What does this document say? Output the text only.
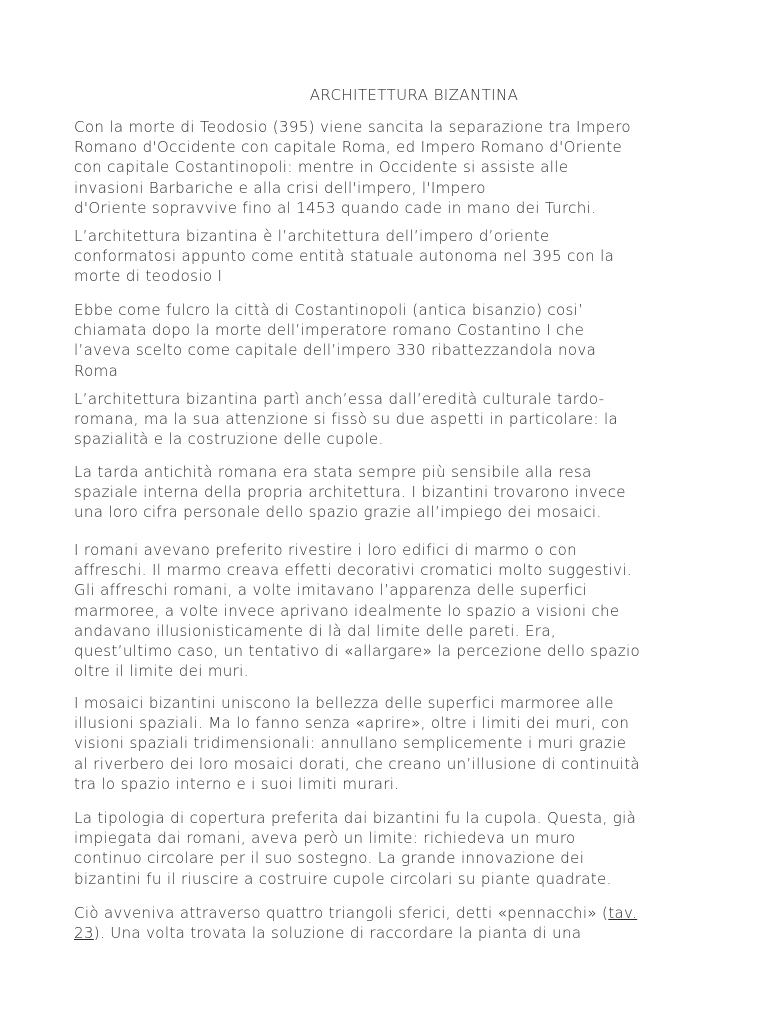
ARCHITETTURA BIZANTINA

Con la morte di Teodosio (395) viene sancita la separazione tra Impero
Romano d'Occidente con capitale Roma, ed Impero Romano d'Oriente
con capitale Costantinopoli: mentre in Occidente si assiste alle
invasioni Barbariche e alla crisi dell'impero, l'Impero
d'Oriente sopravvive fino al 1453 quando cade in mano dei Turchi.

L’architettura bizantina è l’architettura dell’impero d’oriente
conformatosi appunto come entità statuale autonoma nel 395 con la
morte di teodosio I

Ebbe come fulcro la città di Costantinopoli (antica bisanzio) cosi’
chiamata dopo la morte dell’imperatore romano Costantino I che
l’aveva scelto come capitale dell’impero 330 ribattezzandola nova
Roma

L’architettura bizantina partì anch’essa dall’eredità culturale tardo-
romana, ma la sua attenzione si fissò su due aspetti in particolare: la
spazialità e la costruzione delle cupole.

La tarda antichità romana era stata sempre più sensibile alla resa
spaziale interna della propria architettura. I bizantini trovarono invece
una loro cifra personale dello spazio grazie all’impiego dei mosaici.

I romani avevano preferito rivestire i loro edifici di marmo o con
affreschi. Il marmo creava effetti decorativi cromatici molto suggestivi.
Gli affreschi romani, a volte imitavano l’apparenza delle superfici
marmoree, a volte invece aprivano idealmente lo spazio a visioni che
andavano illusionisticamente di là dal limite delle pareti. Era,
quest’ultimo caso, un tentativo di «allargare» la percezione dello spazio
oltre il limite dei muri.

I mosaici bizantini uniscono la bellezza delle superfici marmoree alle
illusioni spaziali. Ma lo fanno senza «aprire», oltre i limiti dei muri, con
visioni spaziali tridimensionali: annullano semplicemente i muri grazie
al riverbero dei loro mosaici dorati, che creano un’illusione di continuità
tra lo spazio interno e i suoi limiti murari.

La tipologia di copertura preferita dai bizantini fu la cupola. Questa, già
impiegata dai romani, aveva però un limite: richiedeva un muro
continuo circolare per il suo sostegno. La grande innovazione dei
bizantini fu il riuscire a costruire cupole circolari su piante quadrate.

Ciò avveniva attraverso quattro triangoli sferici, detti «pennacchi» (tav.
23). Una volta trovata la soluzione di raccordare la pianta di una
